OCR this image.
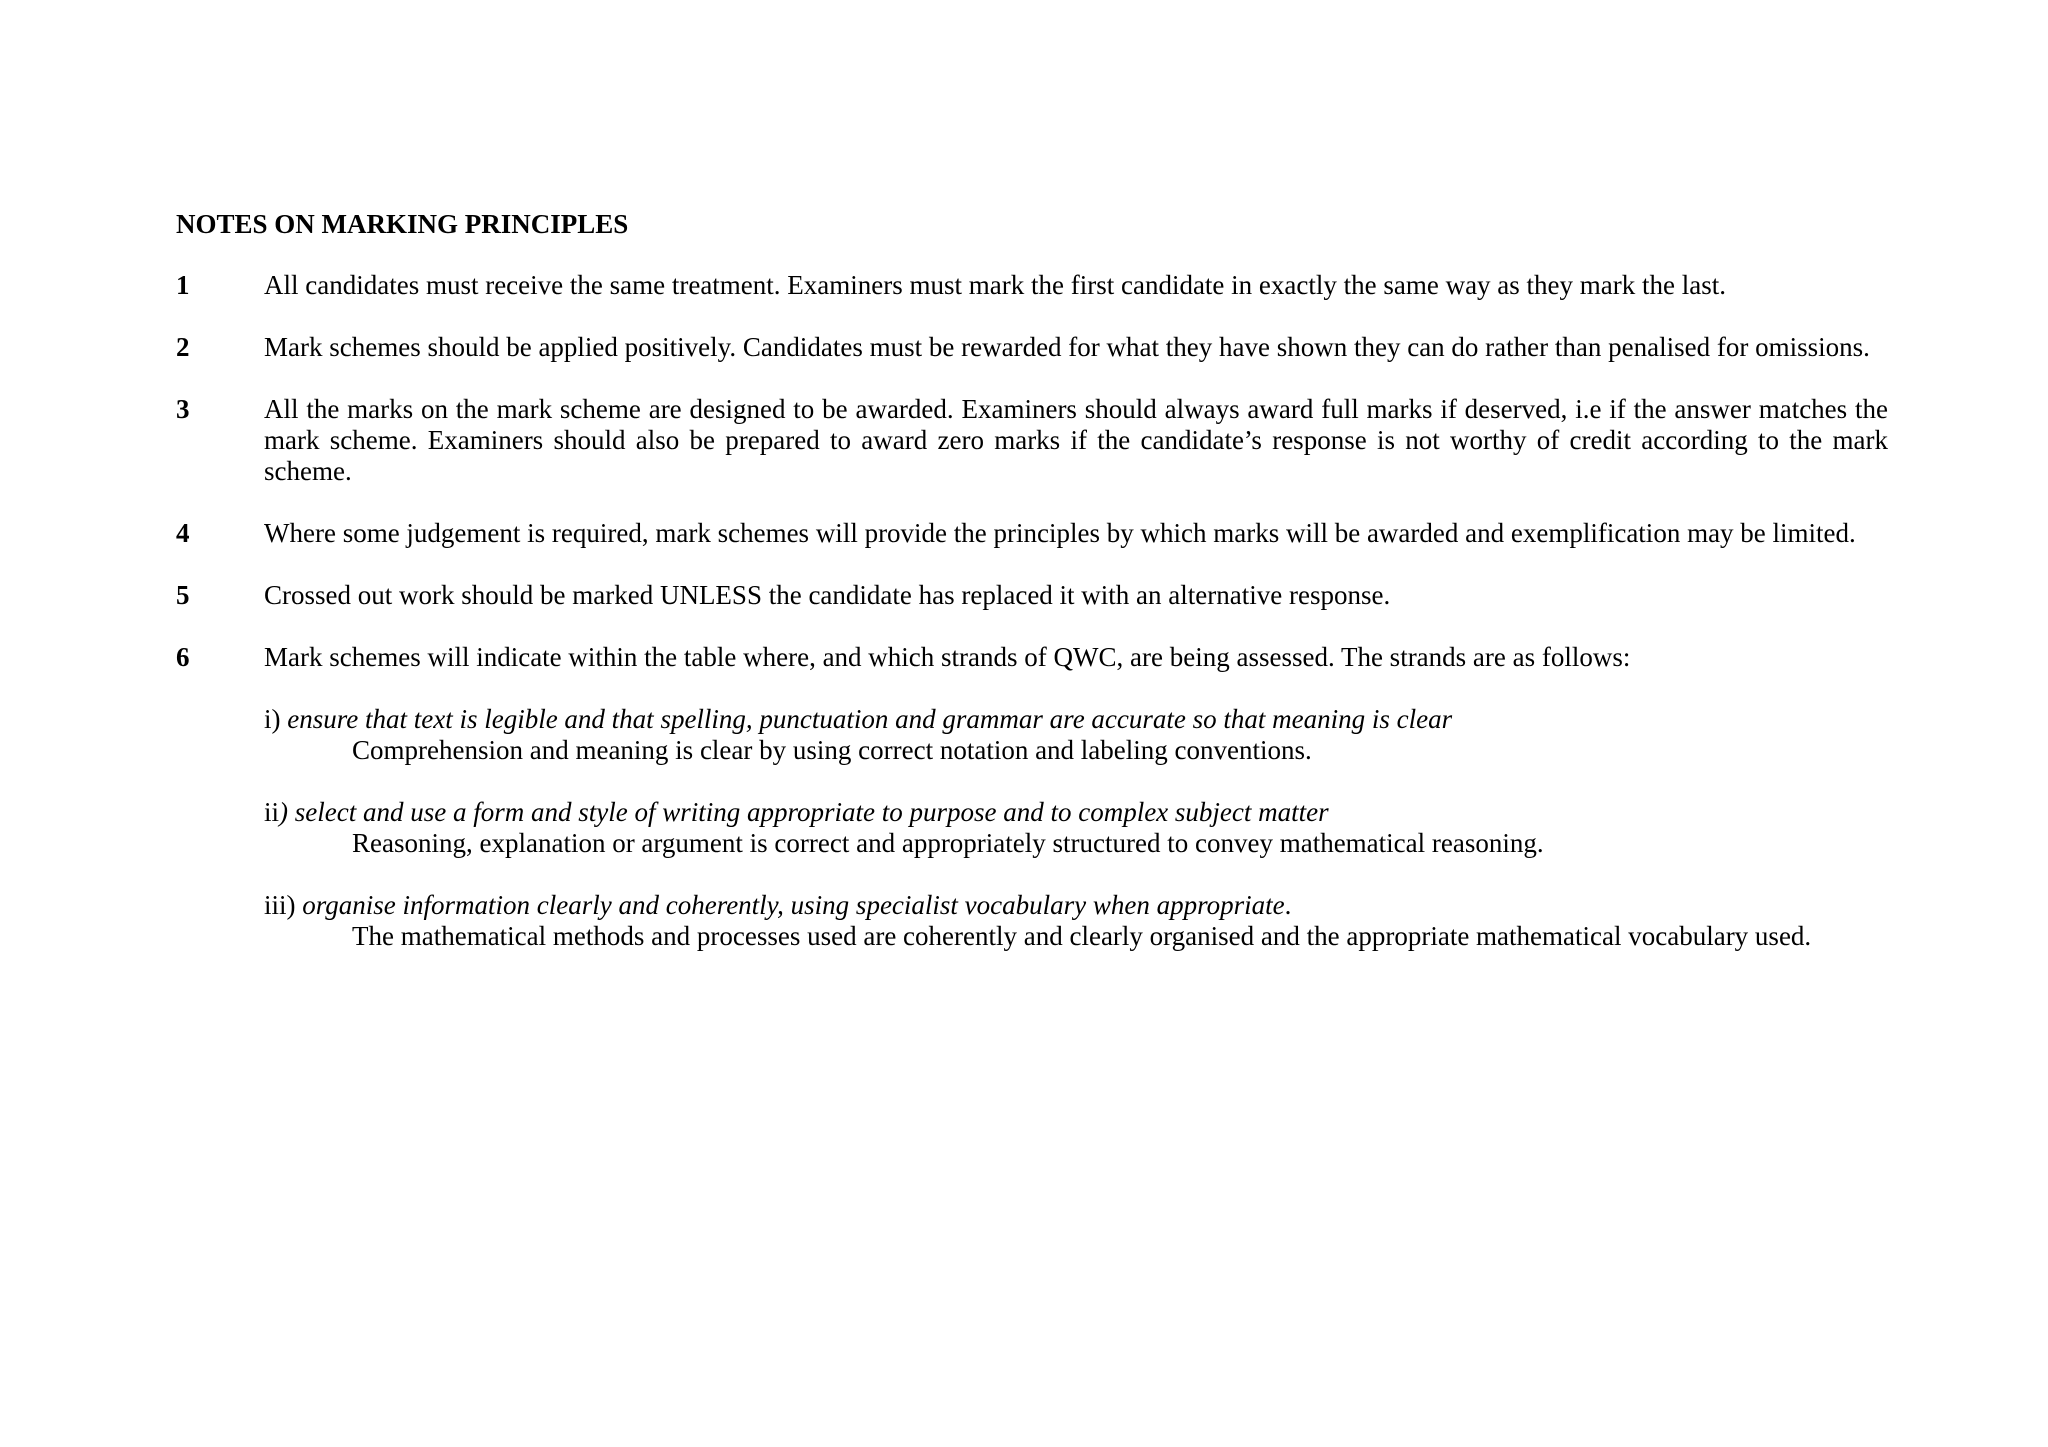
NOTES ON MARKING PRINCIPLES
1	All candidates must receive the same treatment. Examiners must mark the first candidate in exactly the same way as they mark the last.
2	Mark schemes should be applied positively. Candidates must be rewarded for what they have shown they can do rather than penalised for omissions.
3	All the marks on the mark scheme are designed to be awarded. Examiners should always award full marks if deserved, i.e if the answer matches the mark scheme. Examiners should also be prepared to award zero marks if the candidate’s response is not worthy of credit according to the mark scheme.
4	Where some judgement is required, mark schemes will provide the principles by which marks will be awarded and exemplification may be limited.
5	Crossed out work should be marked UNLESS the candidate has replaced it with an alternative response.
6	Mark schemes will indicate within the table where, and which strands of QWC, are being assessed. The strands are as follows:
i) ensure that text is legible and that spelling, punctuation and grammar are accurate so that meaning is clear
Comprehension and meaning is clear by using correct notation and labeling conventions.
ii) select and use a form and style of writing appropriate to purpose and to complex subject matter
Reasoning, explanation or argument is correct and appropriately structured to convey mathematical reasoning.
iii) organise information clearly and coherently, using specialist vocabulary when appropriate.
The mathematical methods and processes used are coherently and clearly organised and the appropriate mathematical vocabulary used.
